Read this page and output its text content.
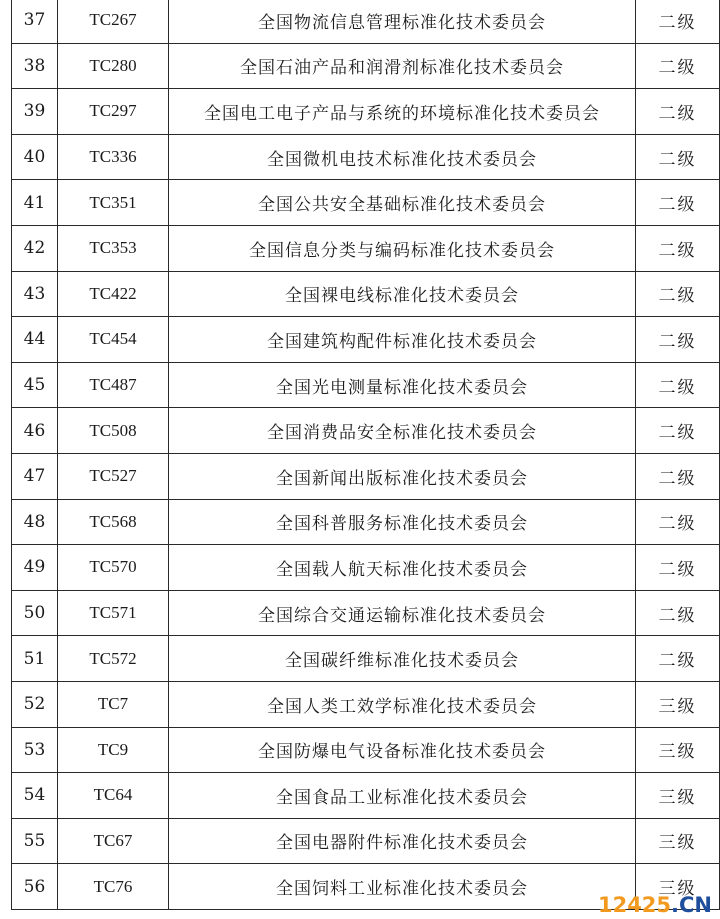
37	TC267	全国物流信息管理标准化技术委员会	二级
38	TC280	全国石油产品和润滑剂标准化技术委员会	二级
39	TC297	全国电工电子产品与系统的环境标准化技术委员会	二级
40	TC336	全国微机电技术标准化技术委员会	二级
41	TC351	全国公共安全基础标准化技术委员会	二级
42	TC353	全国信息分类与编码标准化技术委员会	二级
43	TC422	全国裸电线标准化技术委员会	二级
44	TC454	全国建筑构配件标准化技术委员会	二级
45	TC487	全国光电测量标准化技术委员会	二级
46	TC508	全国消费品安全标准化技术委员会	二级
47	TC527	全国新闻出版标准化技术委员会	二级
48	TC568	全国科普服务标准化技术委员会	二级
49	TC570	全国载人航天标准化技术委员会	二级
50	TC571	全国综合交通运输标准化技术委员会	二级
51	TC572	全国碳纤维标准化技术委员会	二级
52	TC7	全国人类工效学标准化技术委员会	三级
53	TC9	全国防爆电气设备标准化技术委员会	三级
54	TC64	全国食品工业标准化技术委员会	三级
55	TC67	全国电器附件标准化技术委员会	三级
56	TC76	全国饲料工业标准化技术委员会	三级
12425.CN
